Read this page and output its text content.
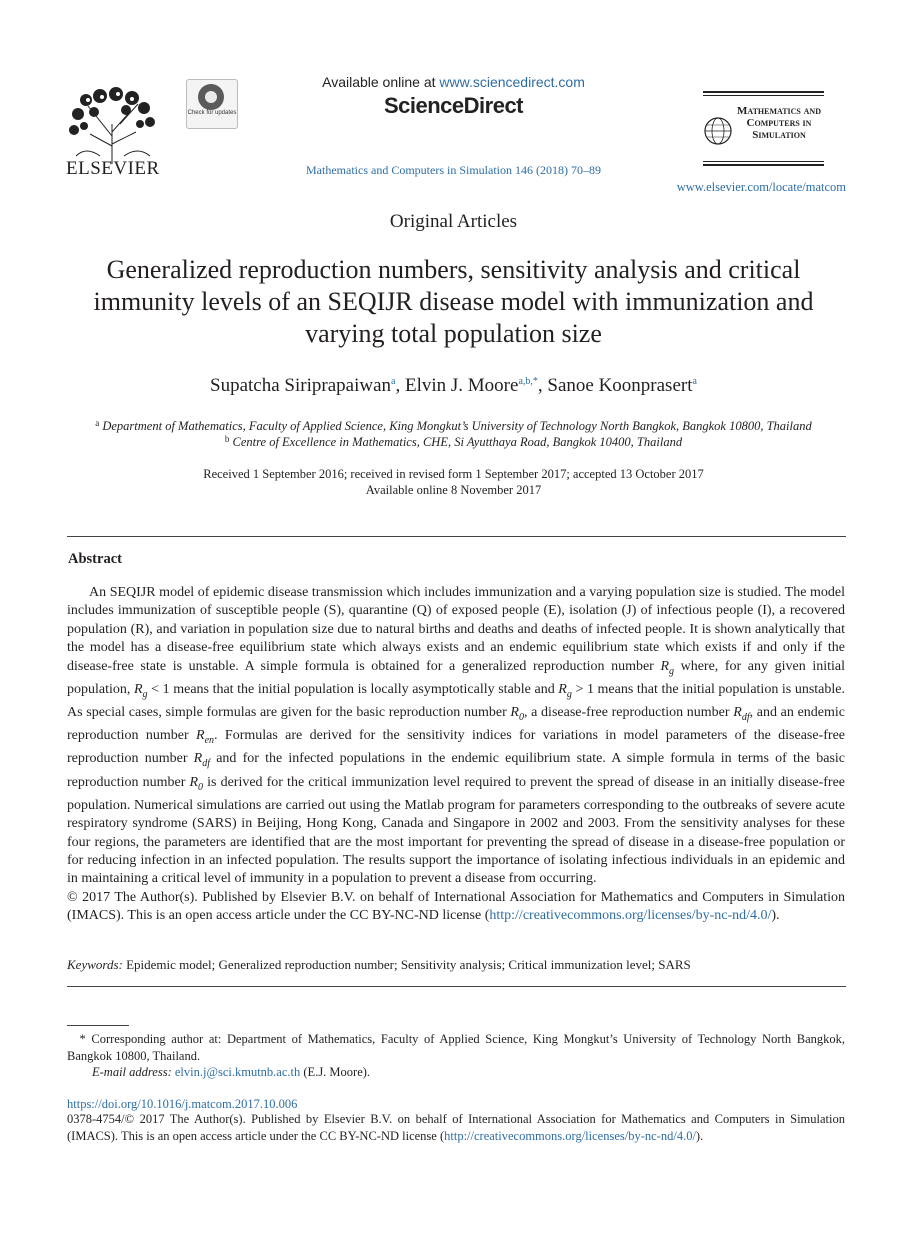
ELSEVIER
Check for updates
Available online at www.sciencedirect.com
ScienceDirect
Mathematics and Computers in Simulation 146 (2018) 70–89
Mathematics and Computers in Simulation
www.elsevier.com/locate/matcom
Original Articles
Generalized reproduction numbers, sensitivity analysis and critical immunity levels of an SEQIJR disease model with immunization and varying total population size
Supatcha Siriprapaiwan$^a$, Elvin J. Moore$^{a,b,*}$, Sanoe Koonprasert$^a$
$^a$ Department of Mathematics, Faculty of Applied Science, King Mongkut’s University of Technology North Bangkok, Bangkok 10800, Thailand
$^b$ Centre of Excellence in Mathematics, CHE, Si Ayutthaya Road, Bangkok 10400, Thailand
Received 1 September 2016; received in revised form 1 September 2017; accepted 13 October 2017
Available online 8 November 2017
Abstract

An SEQIJR model of epidemic disease transmission which includes immunization and a varying population size is studied. The model includes immunization of susceptible people (S), quarantine (Q) of exposed people (E), isolation (J) of infectious people (I), a recovered population (R), and variation in population size due to natural births and deaths and deaths of infected people. It is shown analytically that the model has a disease-free equilibrium state which always exists and an endemic equilibrium state which exists if and only if the disease-free state is unstable. A simple formula is obtained for a generalized reproduction number $R_g$ where, for any given initial population, $R_g < 1$ means that the initial population is locally asymptotically stable and $R_g > 1$ means that the initial population is unstable. As special cases, simple formulas are given for the basic reproduction number $R_0$, a disease-free reproduction number $R_{df}$, and an endemic reproduction number $R_{en}$. Formulas are derived for the sensitivity indices for variations in model parameters of the disease-free reproduction number $R_{df}$ and for the infected populations in the endemic equilibrium state. A simple formula in terms of the basic reproduction number $R_0$ is derived for the critical immunization level required to prevent the spread of disease in an initially disease-free population. Numerical simulations are carried out using the Matlab program for parameters corresponding to the outbreaks of severe acute respiratory syndrome (SARS) in Beijing, Hong Kong, Canada and Singapore in 2002 and 2003. From the sensitivity analyses for these four regions, the parameters are identified that are the most important for preventing the spread of disease in a disease-free population or for reducing infection in an infected population. The results support the importance of isolating infectious individuals in an epidemic and in maintaining a critical level of immunity in a population to prevent a disease from occurring.

© 2017 The Author(s). Published by Elsevier B.V. on behalf of International Association for Mathematics and Computers in Simulation (IMACS). This is an open access article under the CC BY-NC-ND license (http://creativecommons.org/licenses/by-nc-nd/4.0/).

Keywords: Epidemic model; Generalized reproduction number; Sensitivity analysis; Critical immunization level; SARS
 * Corresponding author at: Department of Mathematics, Faculty of Applied Science, King Mongkut’s University of Technology North Bangkok, Bangkok 10800, Thailand.
E-mail address: elvin.j@sci.kmutnb.ac.th (E.J. Moore).
https://doi.org/10.1016/j.matcom.2017.10.006
0378-4754/© 2017 The Author(s). Published by Elsevier B.V. on behalf of International Association for Mathematics and Computers in Simulation (IMACS). This is an open access article under the CC BY-NC-ND license (http://creativecommons.org/licenses/by-nc-nd/4.0/).
